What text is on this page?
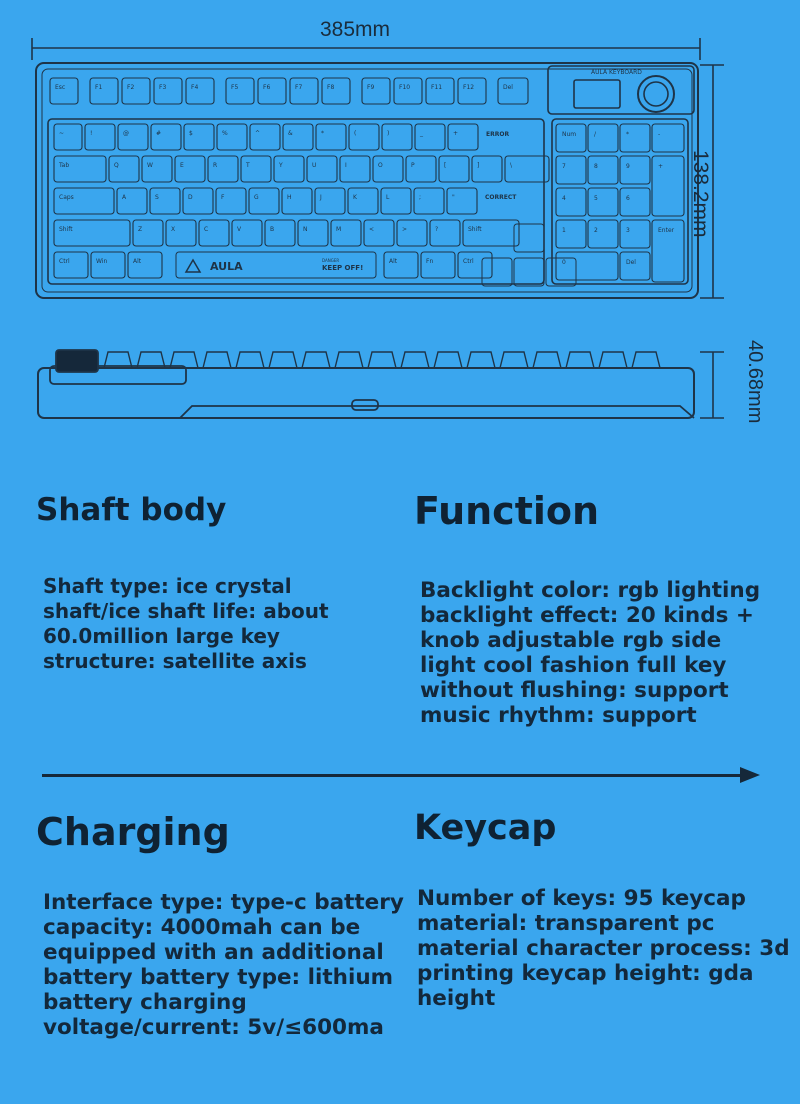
Esc	F1	F2	F3	F4	F5	F6	F7	F8	F9	F10	F11	F12	Del
~	!	@	#	$	%	^	&	*	(	)	_	+
Tab	Q	W	E	R	T	Y	U	I	O	P	[	]	\
Caps	A	S	D	F	G	H	J	K	L	;	"
Shift	Z	X	C	V	B	N	M	<	>	?	Shift
Ctrl	Win	Alt	Alt	Fn	Ctrl
Num	/	*	-
7	8	9	+
4	5	6
1	2	3	Enter
0	Del
AULA
AULA KEYBOARD
KEEP OFF!
DANGER
ERROR
CORRECT
385mm
138.2mm
40.68mm
Shaft body
Shaft type: ice crystal
shaft/ice shaft life: about
60.0million large key
structure: satellite axis
Function
Backlight color: rgb lighting
backlight effect: 20 kinds +
knob adjustable rgb side
light cool fashion full key
without flushing: support
music rhythm: support
Charging
Interface type: type-c battery
capacity: 4000mah can be
equipped with an additional
battery battery type: lithium
battery charging
voltage/current: 5v/≤600ma
Keycap
Number of keys: 95 keycap
material: transparent pc
material character process: 3d
printing keycap height: gda
height
